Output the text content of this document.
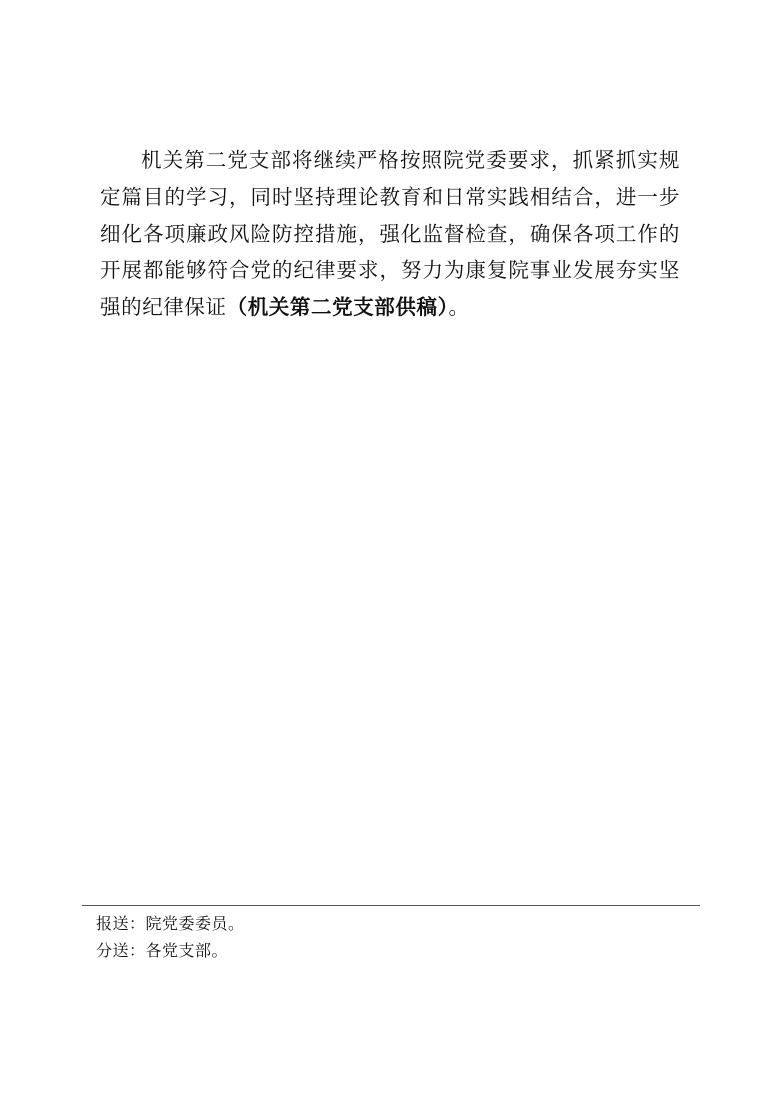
机关第二党支部将继续严格按照院党委要求，抓紧抓实规定篇目的学习，同时坚持理论教育和日常实践相结合，进一步细化各项廉政风险防控措施，强化监督检查，确保各项工作的开展都能够符合党的纪律要求，努力为康复院事业发展夯实坚强的纪律保证（机关第二党支部供稿）。

报送：院党委委员。

分送：各党支部。
